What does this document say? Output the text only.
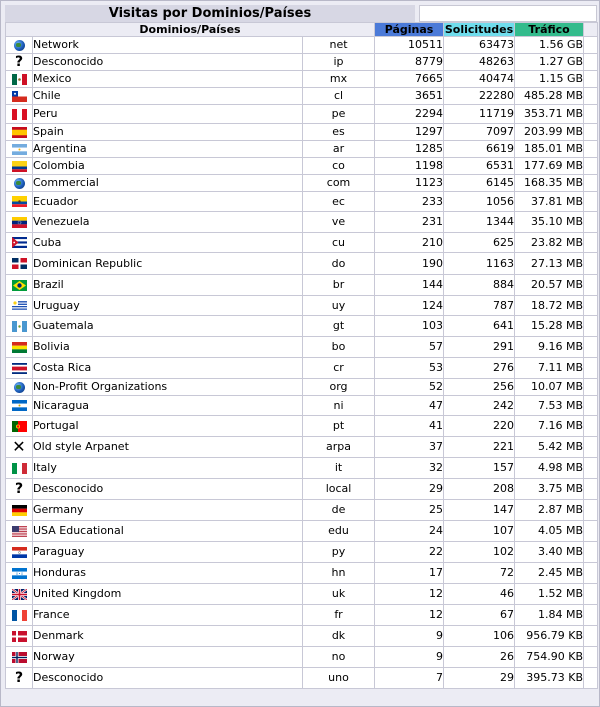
Visitas por Dominios/Países
Dominios/Países			Páginas	Solicitudes	Tráfico	

	Network	net	10511	63473	1.56 GB	

?	Desconocido	ip	8779	48263	1.27 GB	

	Mexico	mx	7665	40474	1.15 GB	

	Chile	cl	3651	22280	485.28 MB	

	Peru	pe	2294	11719	353.71 MB	

	Spain	es	1297	7097	203.99 MB	

	Argentina	ar	1285	6619	185.01 MB	

	Colombia	co	1198	6531	177.69 MB	

	Commercial	com	1123	6145	168.35 MB	

	Ecuador	ec	233	1056	37.81 MB	

	Venezuela	ve	231	1344	35.10 MB	

	Cuba	cu	210	625	23.82 MB	

	Dominican Republic	do	190	1163	27.13 MB	

	Brazil	br	144	884	20.57 MB	

	Uruguay	uy	124	787	18.72 MB	

	Guatemala	gt	103	641	15.28 MB	

	Bolivia	bo	57	291	9.16 MB	

	Costa Rica	cr	53	276	7.11 MB	

	Non-Profit Organizations	org	52	256	10.07 MB	

	Nicaragua	ni	47	242	7.53 MB	

	Portugal	pt	41	220	7.16 MB	

✕	Old style Arpanet	arpa	37	221	5.42 MB	

	Italy	it	32	157	4.98 MB	

?	Desconocido	local	29	208	3.75 MB	

	Germany	de	25	147	2.87 MB	

	USA Educational	edu	24	107	4.05 MB	

	Paraguay	py	22	102	3.40 MB	

	Honduras	hn	17	72	2.45 MB	

	United Kingdom	uk	12	46	1.52 MB	

	France	fr	12	67	1.84 MB	

	Denmark	dk	9	106	956.79 KB	

	Norway	no	9	26	754.90 KB	

?	Desconocido	uno	7	29	395.73 KB	
